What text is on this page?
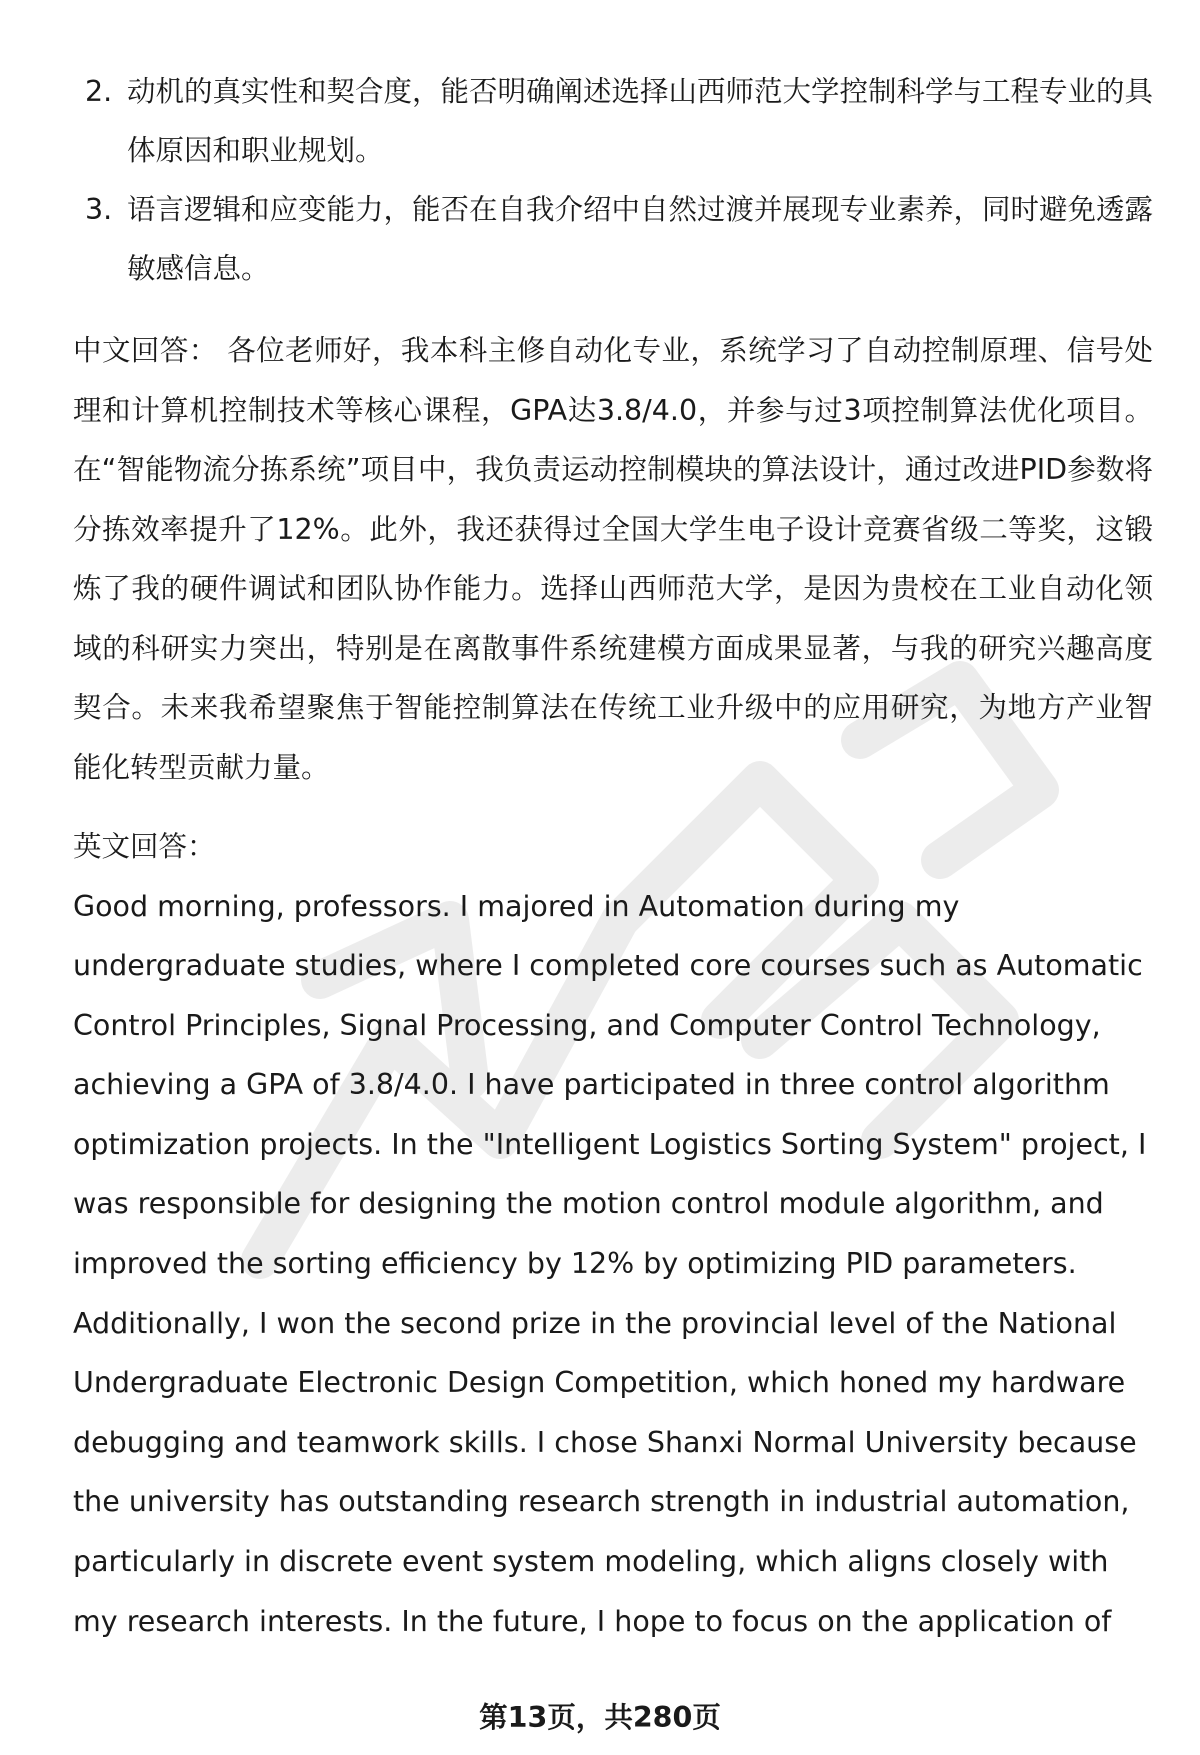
2. 动机的真实性和契合度，能否明确阐述选择山西师范大学控制科学与工程专业的具体原因和职业规划。
3. 语言逻辑和应变能力，能否在自我介绍中自然过渡并展现专业素养，同时避免透露敏感信息。

中文回答： 各位老师好，我本科主修自动化专业，系统学习了自动控制原理、信号处理和计算机控制技术等核心课程，GPA达3.8/4.0，并参与过3项控制算法优化项目。在“智能物流分拣系统”项目中，我负责运动控制模块的算法设计，通过改进PID参数将分拣效率提升了12%。此外，我还获得过全国大学生电子设计竞赛省级二等奖，这锻炼了我的硬件调试和团队协作能力。选择山西师范大学，是因为贵校在工业自动化领域的科研实力突出，特别是在离散事件系统建模方面成果显著，与我的研究兴趣高度契合。未来我希望聚焦于智能控制算法在传统工业升级中的应用研究，为地方产业智能化转型贡献力量。

英文回答：

Good morning, professors. I majored in Automation during my undergraduate studies, where I completed core courses such as Automatic Control Principles, Signal Processing, and Computer Control Technology, achieving a GPA of 3.8/4.0. I have participated in three control algorithm optimization projects. In the "Intelligent Logistics Sorting System" project, I was responsible for designing the motion control module algorithm, and improved the sorting efficiency by 12% by optimizing PID parameters. Additionally, I won the second prize in the provincial level of the National Undergraduate Electronic Design Competition, which honed my hardware debugging and teamwork skills. I chose Shanxi Normal University because the university has outstanding research strength in industrial automation, particularly in discrete event system modeling, which aligns closely with my research interests. In the future, I hope to focus on the application of

第13页，共280页
